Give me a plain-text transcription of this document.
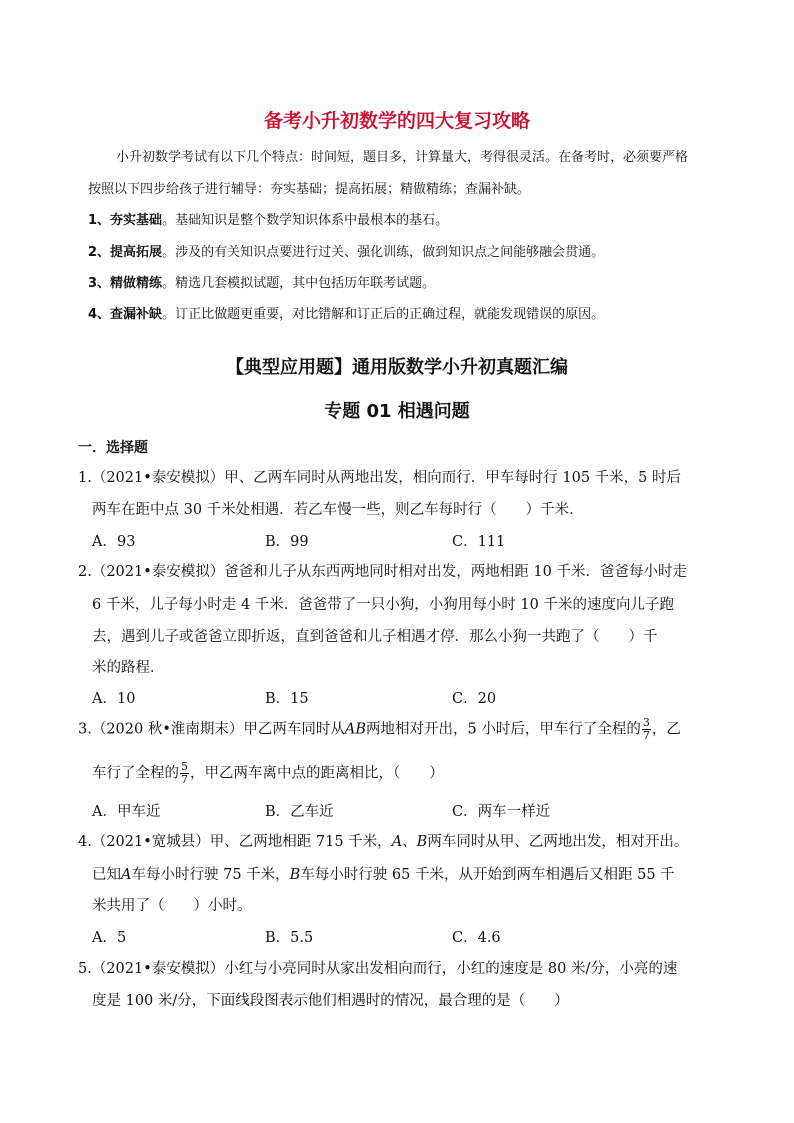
备考小升初数学的四大复习攻略
小升初数学考试有以下几个特点：时间短，题目多，计算量大，考得很灵活。在备考时，必须要严格
按照以下四步给孩子进行辅导：夯实基础；提高拓展；精做精练；查漏补缺。
1、夯实基础。基础知识是整个数学知识体系中最根本的基石。
2、提高拓展。涉及的有关知识点要进行过关、强化训练，做到知识点之间能够融会贯通。
3、精做精练。精选几套模拟试题，其中包括历年联考试题。
4、查漏补缺。订正比做题更重要，对比错解和订正后的正确过程，就能发现错误的原因。
【典型应用题】通用版数学小升初真题汇编
专题 01 相遇问题
一．选择题
1.（2021•泰安模拟）甲、乙两车同时从两地出发，相向而行．甲车每时行 105 千米，5 时后
两车在距中点 30 千米处相遇．若乙车慢一些，则乙车每时行（　　）千米．
A．93	B．99	C．111
2.（2021•泰安模拟）爸爸和儿子从东西两地同时相对出发，两地相距 10 千米．爸爸每小时走
6 千米，儿子每小时走 4 千米．爸爸带了一只小狗，小狗用每小时 10 千米的速度向儿子跑
去，遇到儿子或爸爸立即折返，直到爸爸和儿子相遇才停．那么小狗一共跑了（　　）千
米的路程．
A．10	B．15	C．20
3.（2020 秋•淮南期末）甲乙两车同时从AB两地相对开出，5 小时后，甲车行了全程的 $\frac{3}{7}$ ，乙
车行了全程的 $\frac{5}{7}$ ，甲乙两车离中点的距离相比，（　　）
A．甲车近	B．乙车近	C．两车一样近
4.（2021•宽城县）甲、乙两地相距 715 千米，A、B两车同时从甲、乙两地出发，相对开出。
已知A车每小时行驶 75 千米，B车每小时行驶 65 千米，从开始到两车相遇后又相距 55 千
米共用了（　　）小时。
A．5	B．5.5	C．4.6
5.（2021•泰安模拟）小红与小亮同时从家出发相向而行，小红的速度是 80 米/分，小亮的速
度是 100 米/分，下面线段图表示他们相遇时的情况，最合理的是（　　）
